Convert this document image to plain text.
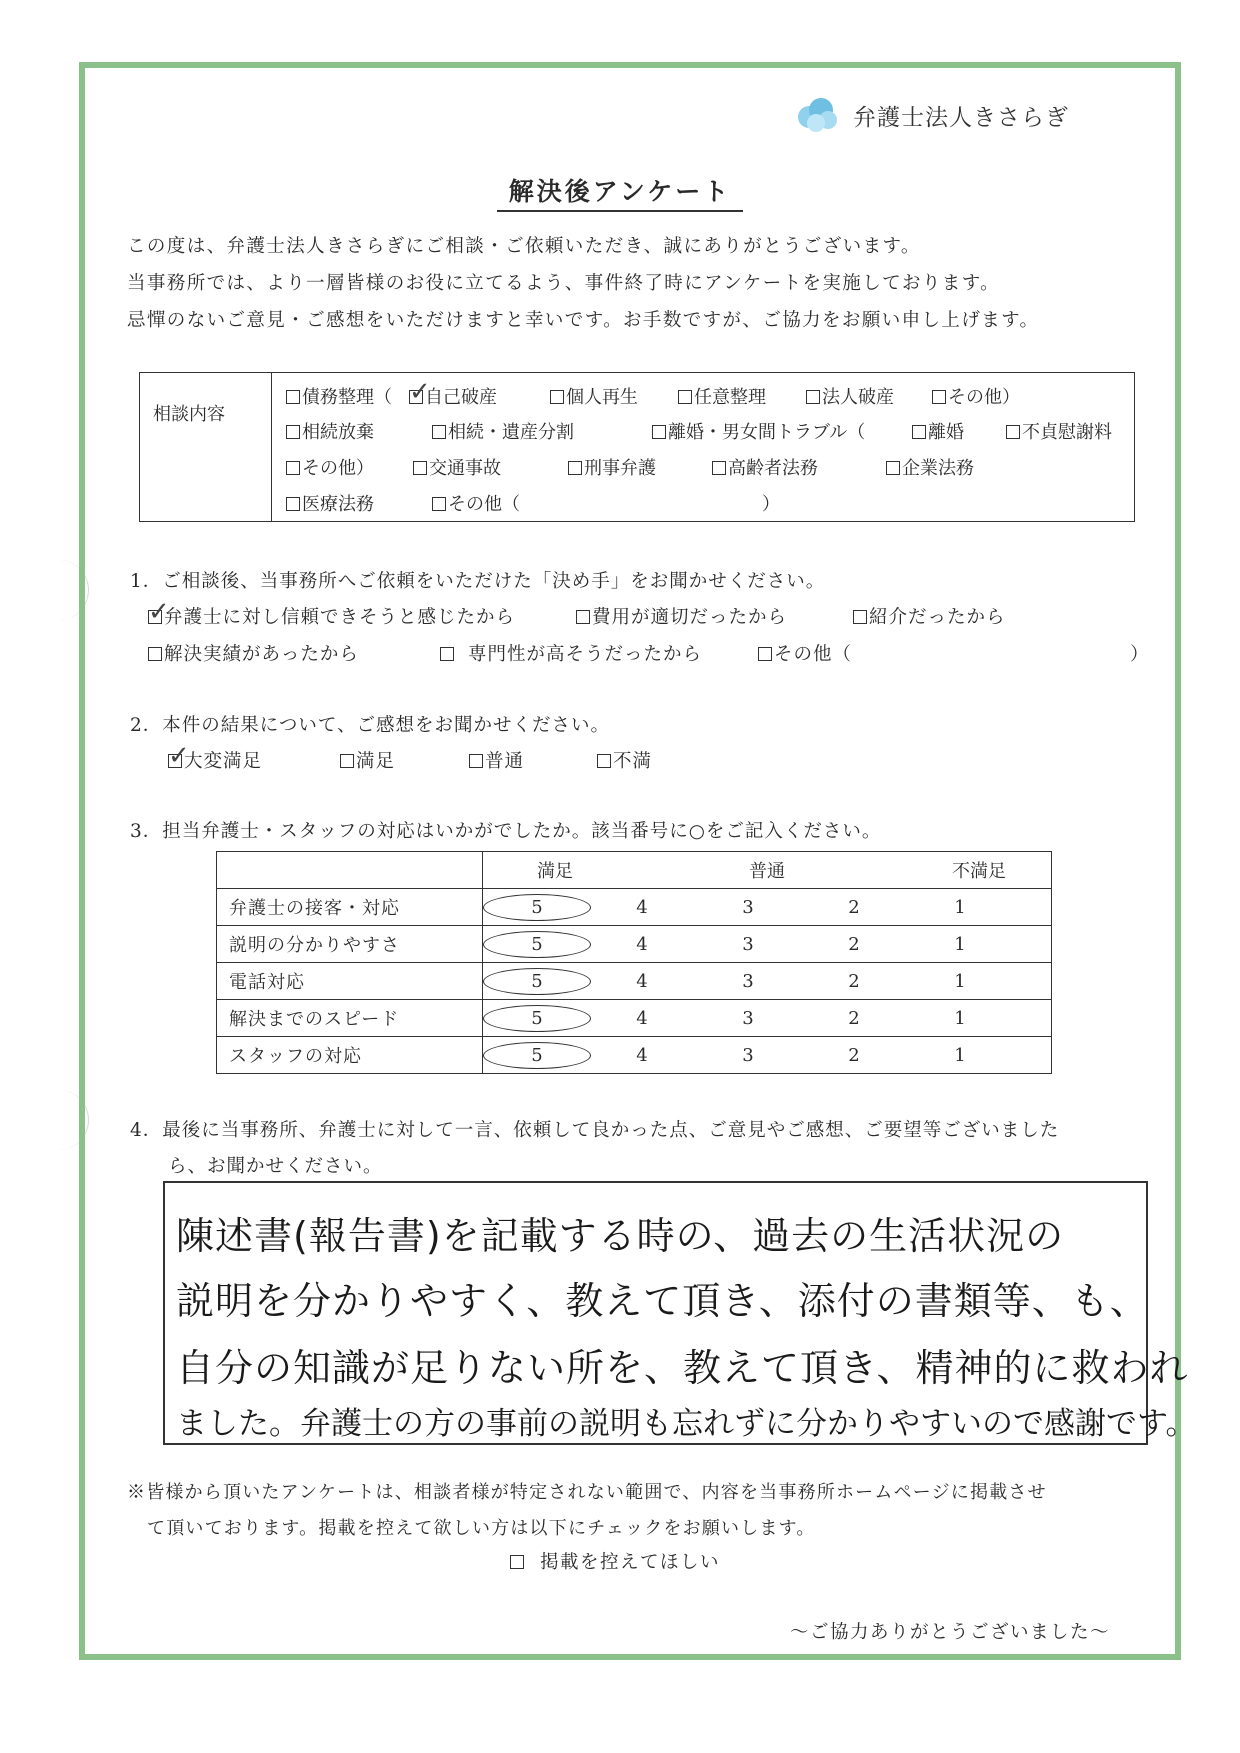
弁護士法人きさらぎ
解決後アンケート
この度は、弁護士法人きさらぎにご相談・ご依頼いただき、誠にありがとうございます。
当事務所では、より一層皆様のお役に立てるよう、事件終了時にアンケートを実施しております。
忌憚のないご意見・ご感想をいただけますと幸いです。お手数ですが、ご協力をお願い申し上げます。
相談内容
債務整理（ ✓
自己破産	個人再生	任意整理	法人破産	その他）
相続放棄	相続・遺産分割	離婚・男女間トラブル（	離婚	不貞慰謝料
その他）	交通事故	刑事弁護	高齢者法務	企業法務
医療法務	その他（	）
1．ご相談後、当事務所へご依頼をいただけた「決め手」をお聞かせください。
✓
弁護士に対し信頼できそうと感じたから	費用が適切だったから	紹介だったから
解決実績があったから	専門性が高そうだったから	その他（	）
2．本件の結果について、ご感想をお聞かせください。
✓
大変満足	満足	普通	不満
3．担当弁護士・スタッフの対応はいかがでしたか。該当番号に○をご記入ください。
	満足 普通 不満足
弁護士の接客・対応	5 4 3 2 1
説明の分かりやすさ	5 4 3 2 1
電話対応	5 4 3 2 1
解決までのスピード	5 4 3 2 1
スタッフの対応	5 4 3 2 1
4．最後に当事務所、弁護士に対して一言、依頼して良かった点、ご意見やご感想、ご要望等ございました
ら、お聞かせください。
陳述書(報告書)を記載する時の、過去の生活状況の
説明を分かりやすく、教えて頂き、添付の書類等、も、
自分の知識が足りない所を、教えて頂き、精神的に救われ
ました。弁護士の方の事前の説明も忘れずに分かりやすいので感謝です。
※皆様から頂いたアンケートは、相談者様が特定されない範囲で、内容を当事務所ホームページに掲載させ
て頂いております。掲載を控えて欲しい方は以下にチェックをお願いします。
掲載を控えてほしい
～ご協力ありがとうございました～
